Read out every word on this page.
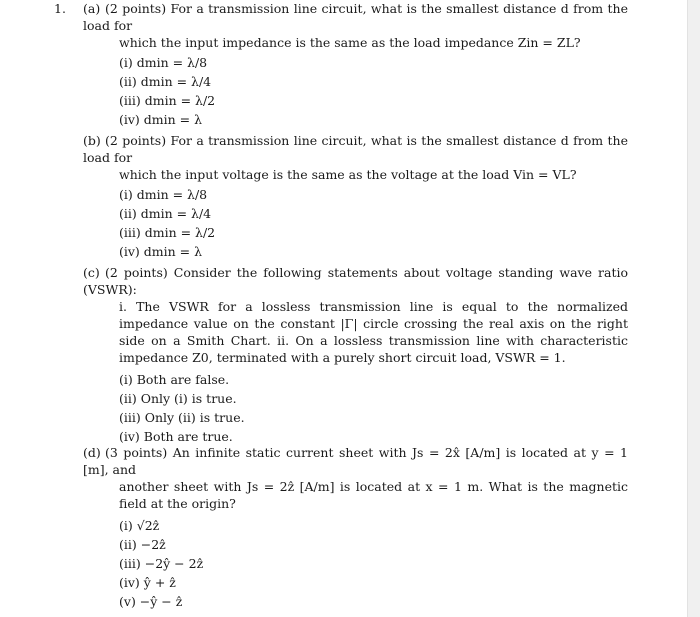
1. (a) (2 points) For a transmission line circuit, what is the smallest distance d from the load for
which the input impedance is the same as the load impedance Zin = ZL?
(i) dmin = λ/8
(ii) dmin = λ/4
(iii) dmin = λ/2
(iv) dmin = λ
(b) (2 points) For a transmission line circuit, what is the smallest distance d from the load for
which the input voltage is the same as the voltage at the load Vin = VL?
(i) dmin = λ/8
(ii) dmin = λ/4
(iii) dmin = λ/2
(iv) dmin = λ
(c) (2 points) Consider the following statements about voltage standing wave ratio (VSWR):
i. The VSWR for a lossless transmission line is equal to the normalized impedance value on the constant |Γ| circle crossing the real axis on the right side on a Smith Chart. ii. On a lossless transmission line with characteristic impedance Z0, terminated with a purely short circuit load, VSWR = 1.
(i) Both are false.
(ii) Only (i) is true.
(iii) Only (ii) is true.
(iv) Both are true.
(d) (3 points) An infinite static current sheet with Js = 2x̂ [A/m] is located at y = 1 [m], and
another sheet with Js = 2ẑ [A/m] is located at x = 1 m. What is the magnetic field at the origin?
(i) √2ẑ
(ii) −2ẑ
(iii) −2ŷ − 2ẑ
(iv) ŷ + ẑ
(v) −ŷ − ẑ
